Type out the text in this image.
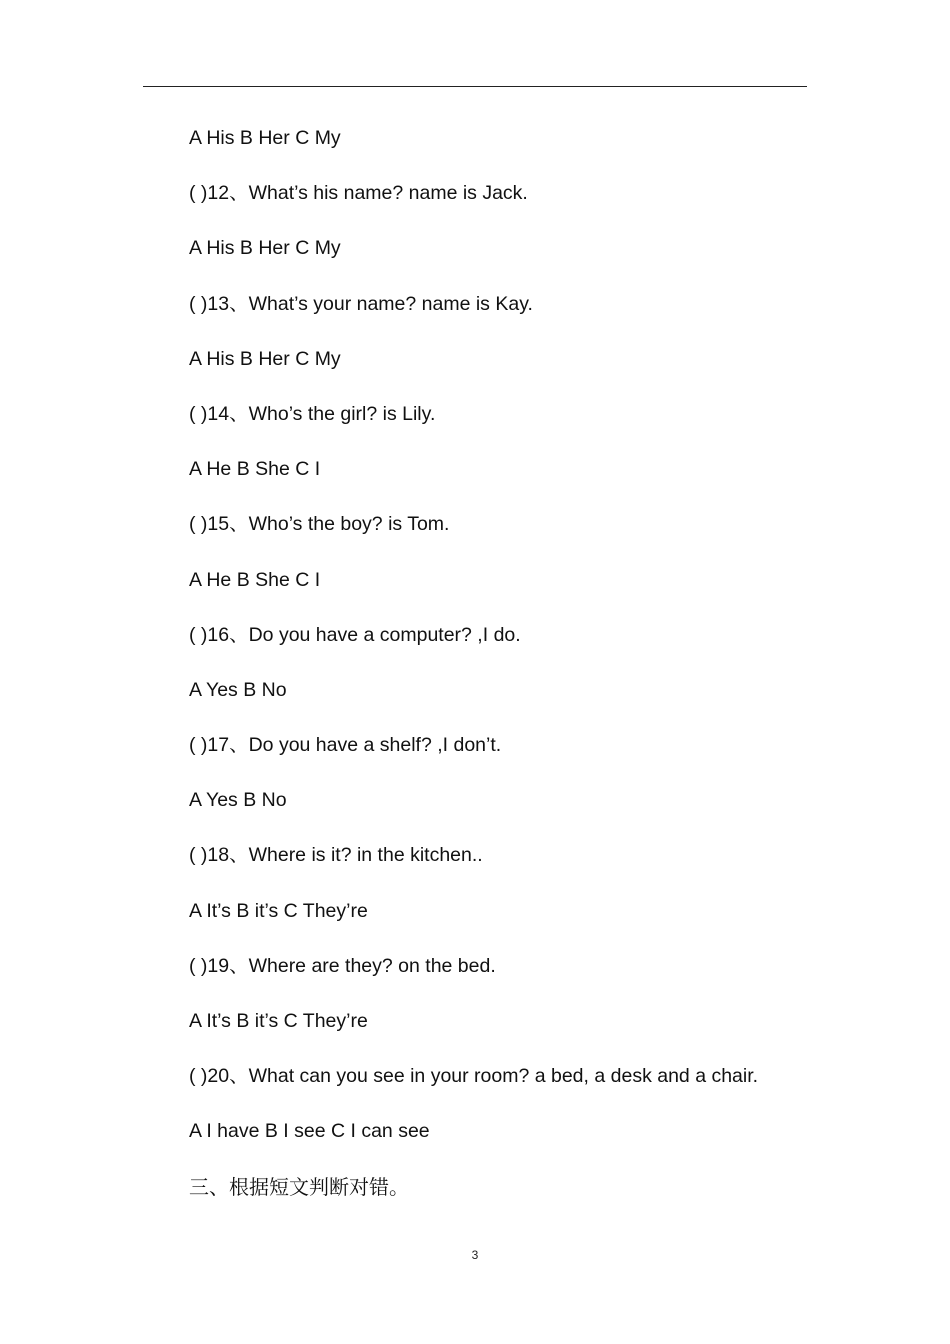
A His B Her C My
( )12、What’s his name? name is Jack.
A His B Her C My
( )13、What’s your name? name is Kay.
A His B Her C My
( )14、Who’s the girl? is Lily.
A He B She C I
( )15、Who’s the boy? is Tom.
A He B She C I
( )16、Do you have a computer? ,I do.
A Yes B No
( )17、Do you have a shelf? ,I don’t.
A Yes B No
( )18、Where is it? in the kitchen..
A It’s B it’s C They’re
( )19、Where are they? on the bed.
A It’s B it’s C They’re
( )20、What can you see in your room? a bed, a desk and a chair.
A I have B I see C I can see
三、根据短文判断对错。
3
